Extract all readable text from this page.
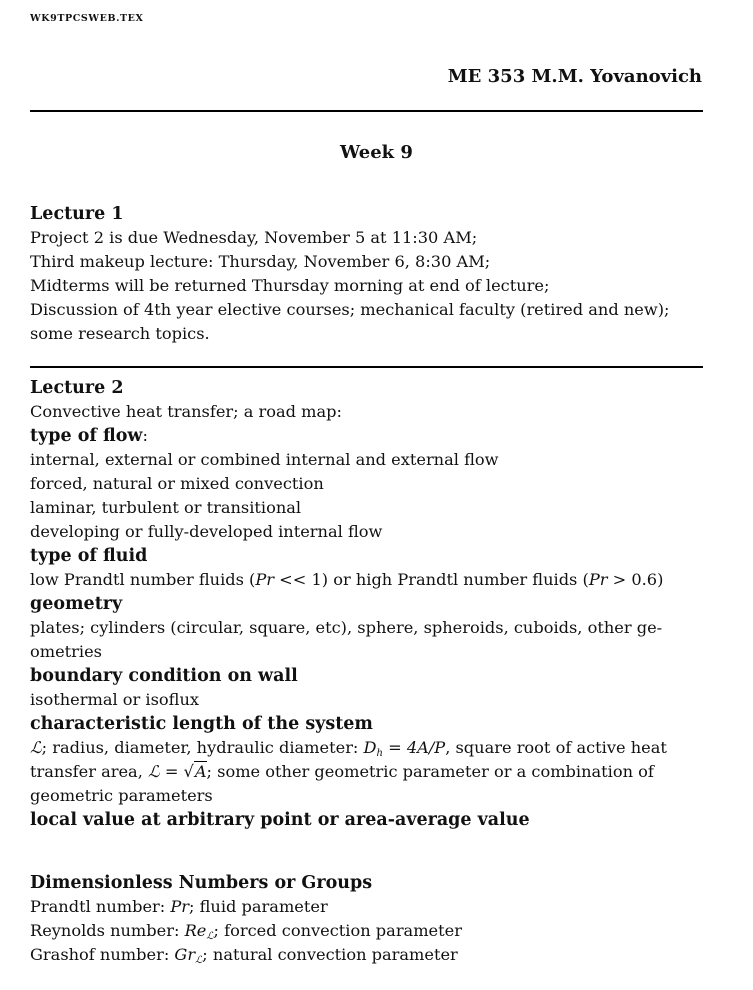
WK9TPCSWEB.TEX
ME 353 M.M. Yovanovich
Week 9
Lecture 1
Project 2 is due Wednesday, November 5 at 11:30 AM;
Third makeup lecture: Thursday, November 6, 8:30 AM;
Midterms will be returned Thursday morning at end of lecture;
Discussion of 4th year elective courses; mechanical faculty (retired and new);
some research topics.
Lecture 2
Convective heat transfer; a road map:
type of flow:
internal, external or combined internal and external flow
forced, natural or mixed convection
laminar, turbulent or transitional
developing or fully-developed internal flow
type of fluid
low Prandtl number fluids (Pr << 1) or high Prandtl number fluids (Pr > 0.6)
geometry
plates; cylinders (circular, square, etc), sphere, spheroids, cuboids, other ge-
ometries
boundary condition on wall
isothermal or isoflux
characteristic length of the system
ℒ; radius, diameter, hydraulic diameter: $D_h = 4A/P$, square root of active heat
transfer area, ℒ = √A; some other geometric parameter or a combination of
geometric parameters
local value at arbitrary point or area-average value
Dimensionless Numbers or Groups
Prandtl number: Pr; fluid parameter
Reynolds number: $Re_ℒ$; forced convection parameter
Grashof number: $Gr_ℒ$; natural convection parameter
